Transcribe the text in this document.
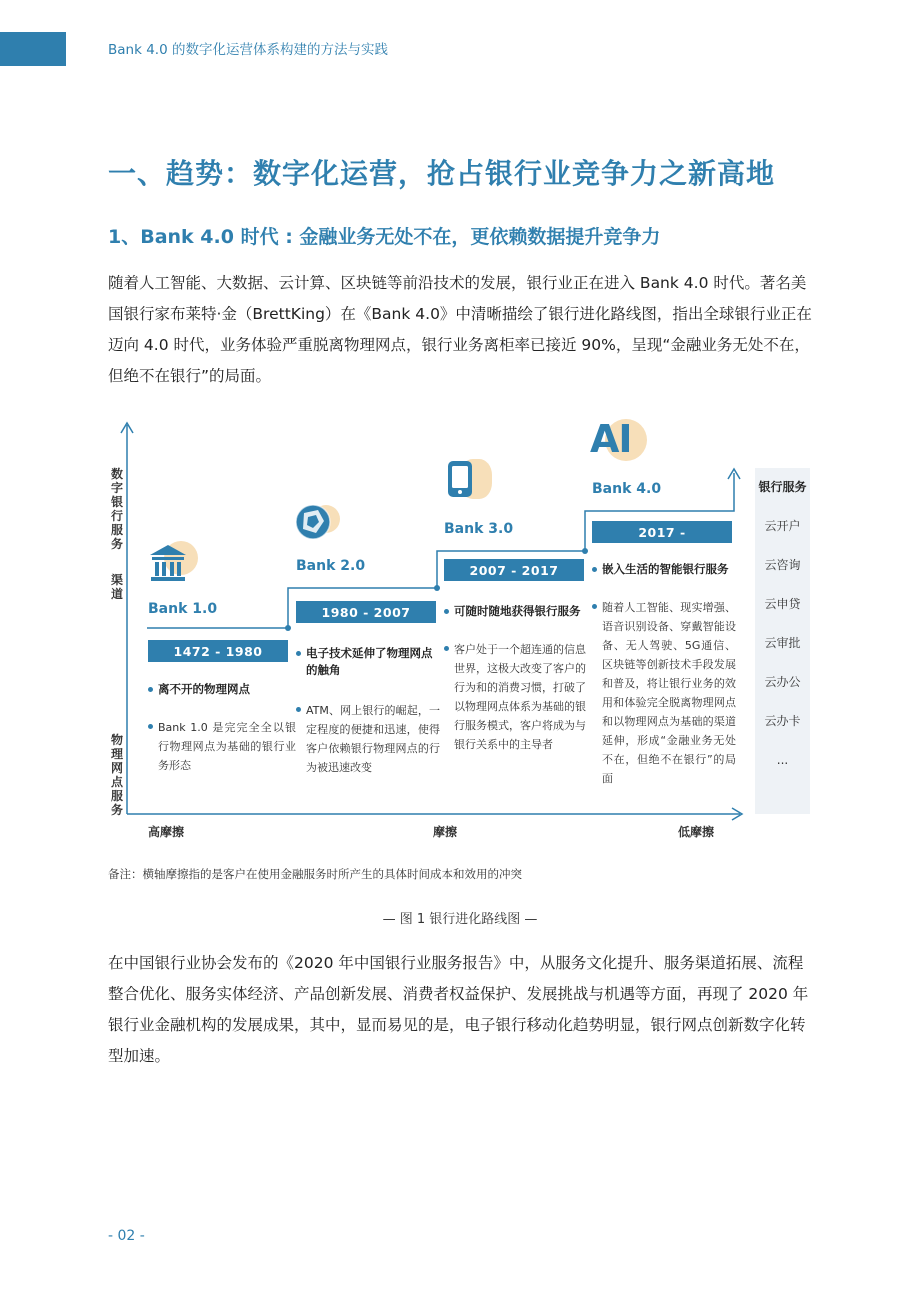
Bank 4.0 的数字化运营体系构建的方法与实践
一、趋势：数字化运营，抢占银行业竞争力之新高地
1、Bank 4.0 时代 : 金融业务无处不在，更依赖数据提升竞争力
随着人工智能、大数据、云计算、区块链等前沿技术的发展，银行业正在进入 Bank 4.0 时代。著名美国银行家布莱特·金（BrettKing）在《Bank 4.0》中清晰描绘了银行进化路线图，指出全球银行业正在迈向 4.0 时代，业务体验严重脱离物理网点，银行业务离柜率已接近 90%，呈现“金融业务无处不在，但绝不在银行”的局面。
数字银行服务
渠道
物理网点服务
高摩擦	摩擦	低摩擦
AI
Bank 1.0
1472 - 1980
离不开的物理网点
Bank 1.0 是完完全全以银行物理网点为基础的银行业务形态
Bank 2.0
1980 - 2007
电子技术延伸了物理网点的触角
ATM、网上银行的崛起，一定程度的便捷和迅速，使得客户依赖银行物理网点的行为被迅速改变
Bank 3.0
2007 - 2017
可随时随地获得银行服务
客户处于一个超连通的信息世界，这极大改变了客户的行为和的消费习惯，打破了以物理网点体系为基础的银行服务模式，客户将成为与银行关系中的主导者
Bank 4.0
2017 -
嵌入生活的智能银行服务
随着人工智能、现实增强、语音识别设备、穿戴智能设备、无人驾驶、5G通信、区块链等创新技术手段发展和普及，将让银行业务的效用和体验完全脱离物理网点和以物理网点为基础的渠道延伸，形成“金融业务无处不在，但绝不在银行”的局面
银行服务
云开户
云咨询
云申贷
云审批
云办公
云办卡
...
备注：横轴摩擦指的是客户在使用金融服务时所产生的具体时间成本和效用的冲突
— 图 1 银行进化路线图 —
在中国银行业协会发布的《2020 年中国银行业服务报告》中，从服务文化提升、服务渠道拓展、流程整合优化、服务实体经济、产品创新发展、消费者权益保护、发展挑战与机遇等方面，再现了 2020 年银行业金融机构的发展成果，其中，显而易见的是，电子银行移动化趋势明显，银行网点创新数字化转型加速。
- 02 -
